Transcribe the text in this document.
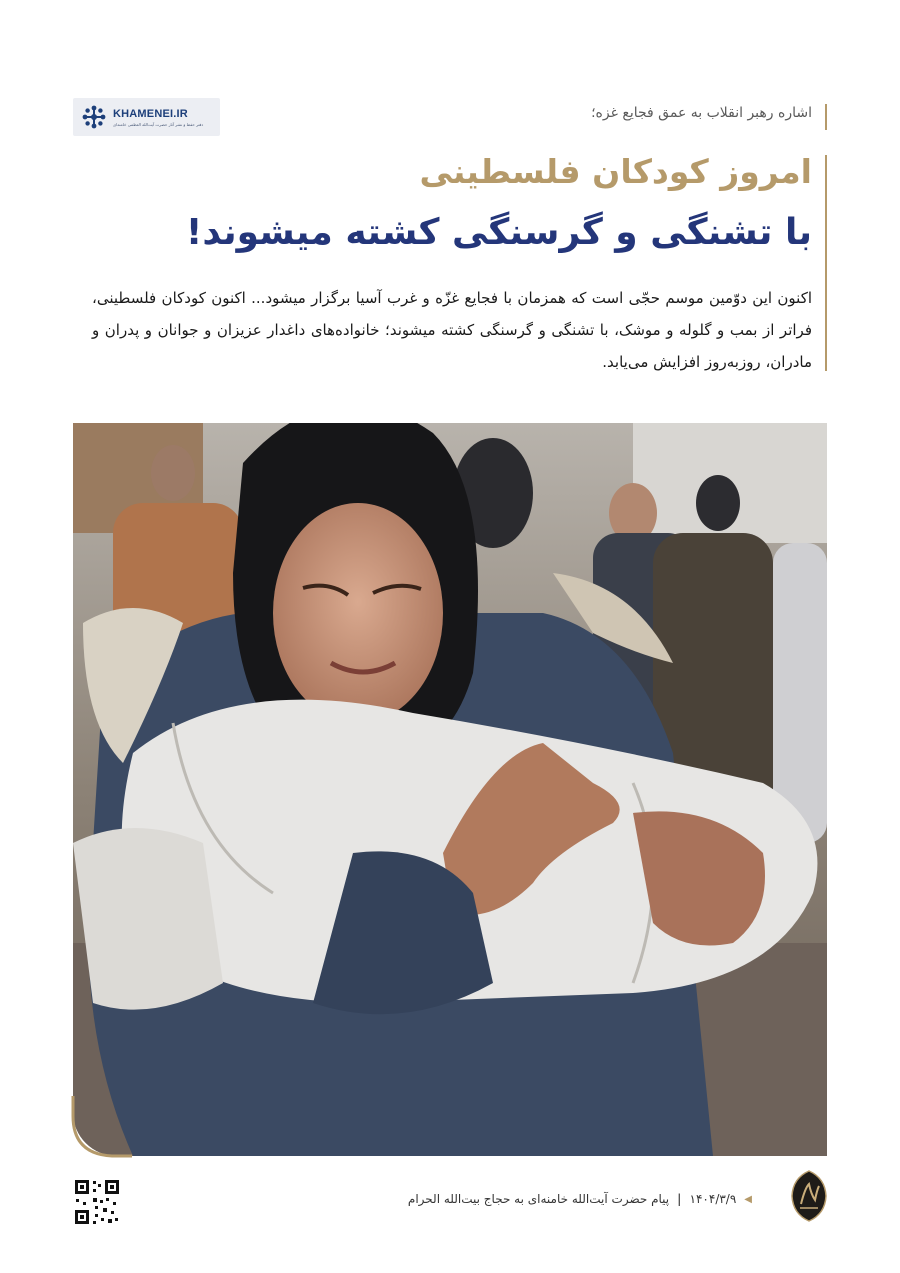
KHAMENEI.IR
دفتر حفظ و نشر آثار حضرت آیت‌الله العظمی خامنه‌ای
اشاره رهبر انقلاب به عمق فجایع غزه؛
امروز کودکان فلسطینی
با تشنگی و گرسنگی کشته میشوند!
اکنون این دوّمین موسم حجّی است که همزمان با فجایع غزّه و غرب آسیا برگزار میشود... اکنون کودکان فلسطینی، فراتر از بمب و گلوله و موشک، با تشنگی و گرسنگی کشته میشوند؛ خانواده‌های داغدار عزیزان و جوانان و پدران و مادران، روزبه‌روز افزایش می‌یابد.
◀
۱۴۰۴/۳/۹
|
پیام حضرت آیت‌الله خامنه‌ای به حجاج بیت‌الله الحرام
